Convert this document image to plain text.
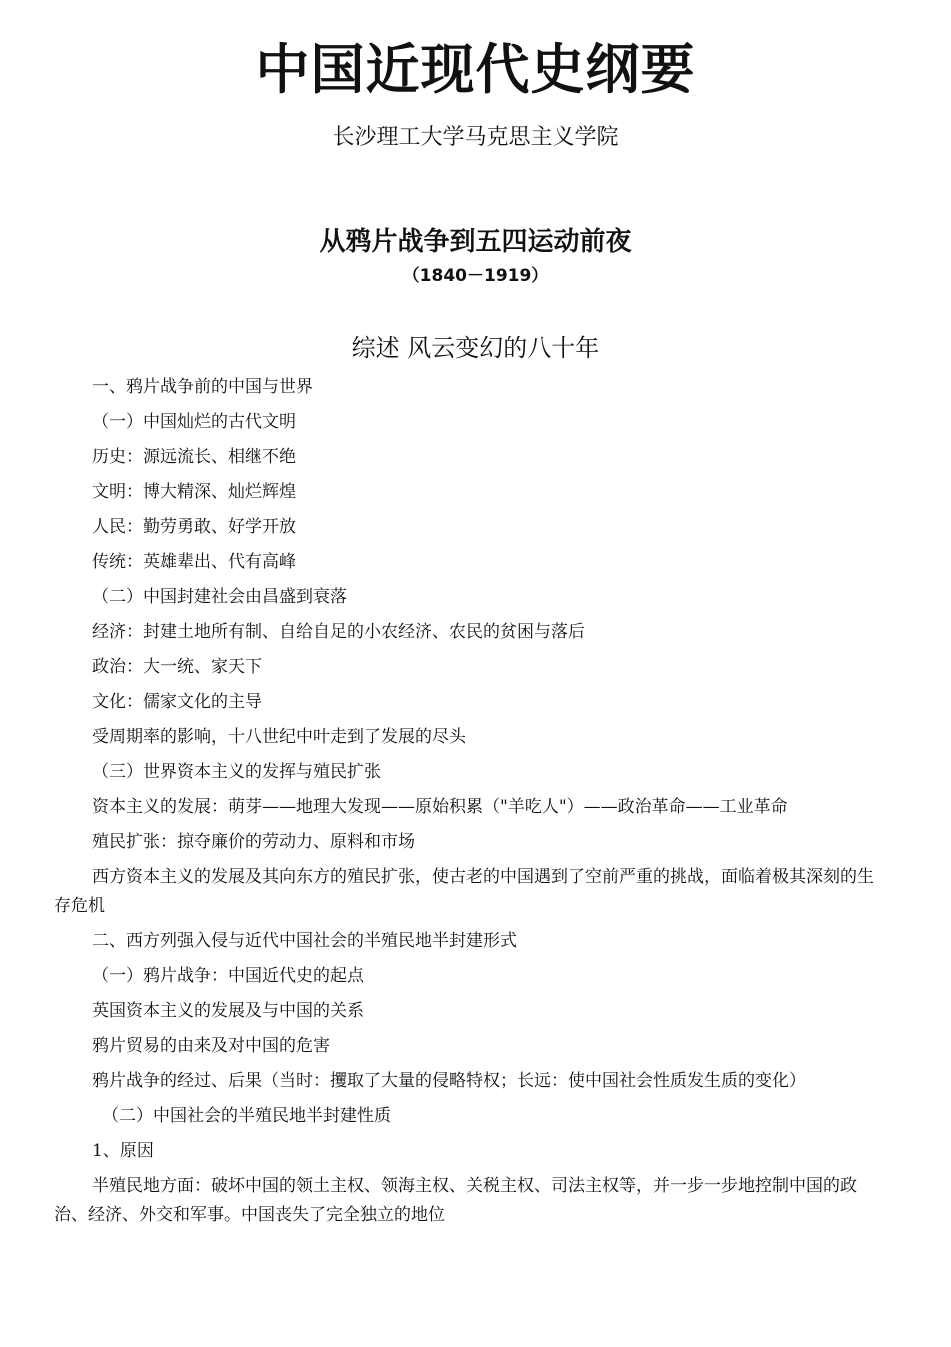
中国近现代史纲要
长沙理工大学马克思主义学院
从鸦片战争到五四运动前夜
（1840－1919）
综述 风云变幻的八十年

一、鸦片战争前的中国与世界

（一）中国灿烂的古代文明

历史：源远流长、相继不绝

文明：博大精深、灿烂辉煌

人民：勤劳勇敢、好学开放

传统：英雄辈出、代有高峰

（二）中国封建社会由昌盛到衰落

经济：封建土地所有制、自给自足的小农经济、农民的贫困与落后

政治：大一统、家天下

文化：儒家文化的主导

受周期率的影响，十八世纪中叶走到了发展的尽头

（三）世界资本主义的发挥与殖民扩张

资本主义的发展：萌芽——地理大发现——原始积累（"羊吃人"）——政治革命——工业革命

殖民扩张：掠夺廉价的劳动力、原料和市场

西方资本主义的发展及其向东方的殖民扩张，使古老的中国遇到了空前严重的挑战，面临着极其深刻的生存危机

二、西方列强入侵与近代中国社会的半殖民地半封建形式

（一）鸦片战争：中国近代史的起点

英国资本主义的发展及与中国的关系

鸦片贸易的由来及对中国的危害

鸦片战争的经过、后果（当时：攫取了大量的侵略特权；长远：使中国社会性质发生质的变化）

（二）中国社会的半殖民地半封建性质

1、原因

半殖民地方面：破坏中国的领土主权、领海主权、关税主权、司法主权等，并一步一步地控制中国的政治、经济、外交和军事。中国丧失了完全独立的地位
